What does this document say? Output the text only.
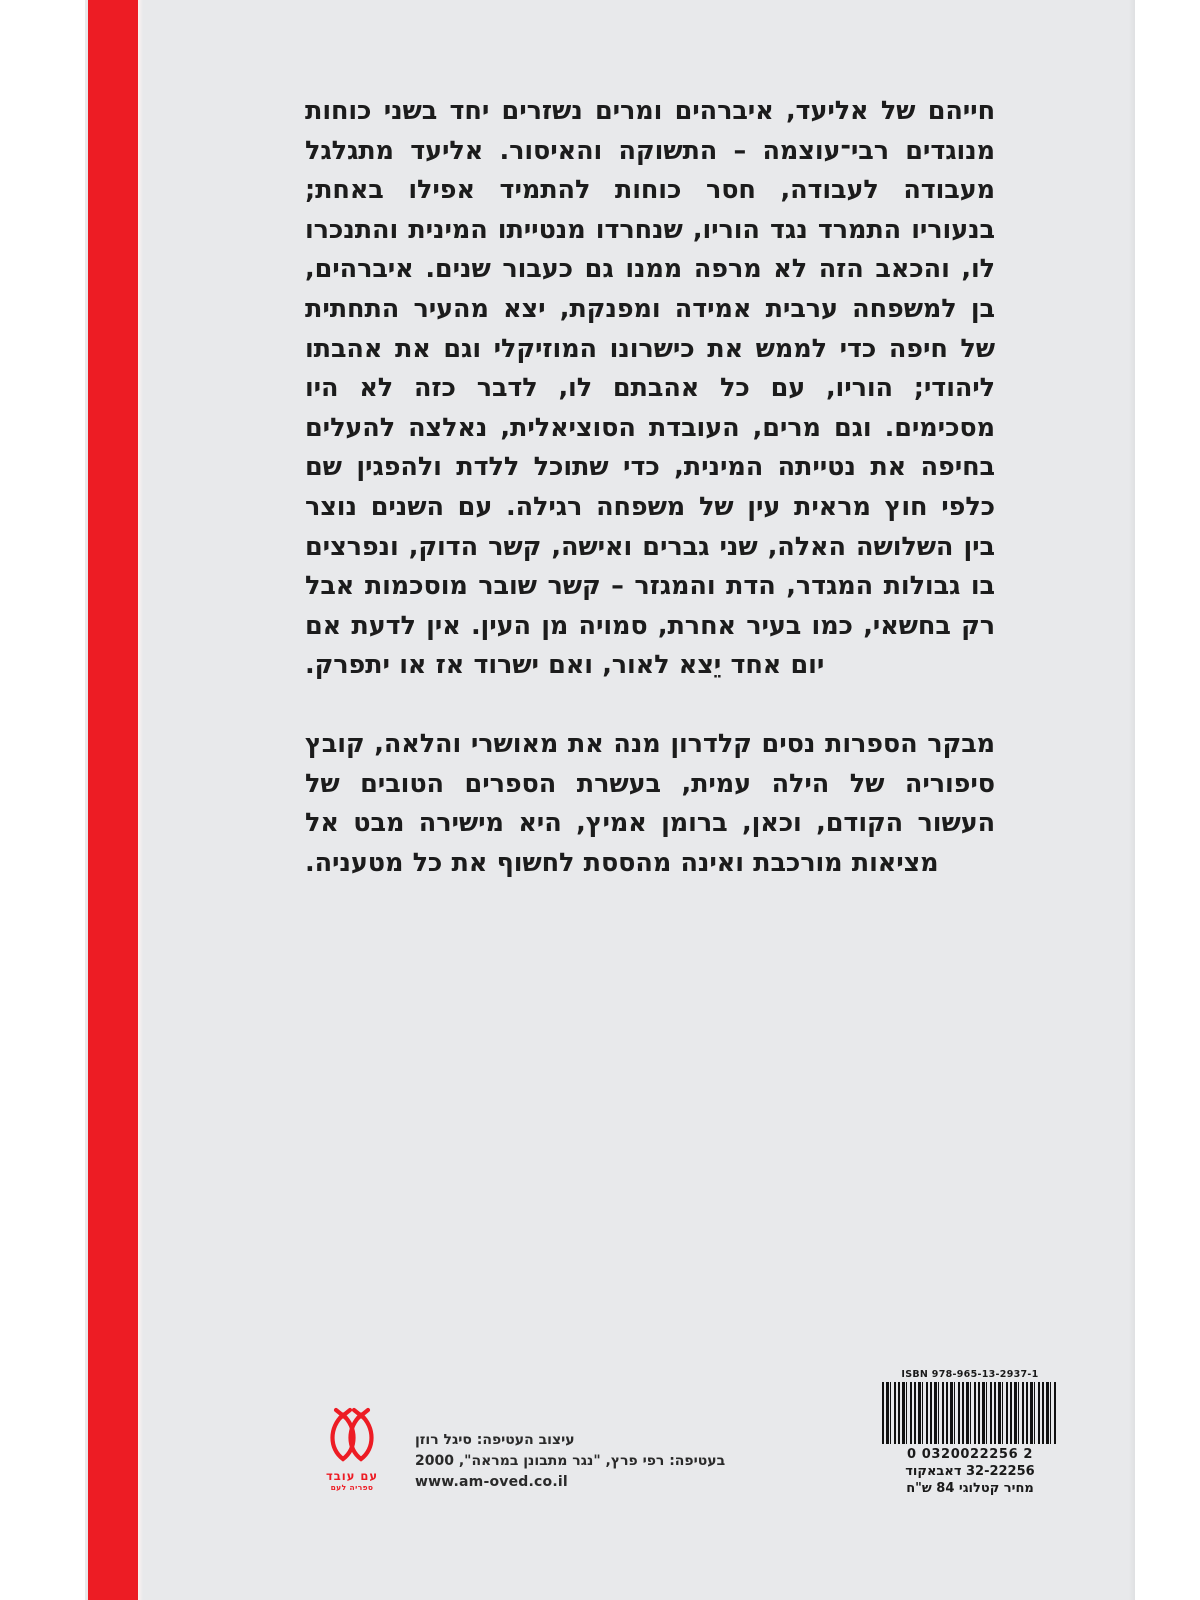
חייהם של אליעד, איברהים ומרים נשזרים יחד בשני כוחות מנוגדים רבי־עוצמה – התשוקה והאיסור. אליעד מתגלגל מעבודה לעבודה, חסר כוחות להתמיד אפילו באחת; בנעוריו התמרד נגד הוריו, שנחרדו מנטייתו המינית והתנכרו לו, והכאב הזה לא מרפה ממנו גם כעבור שנים. איברהים, בן למשפחה ערבית אמידה ומפנקת, יצא מהעיר התחתית של חיפה כדי לממש את כישרונו המוזיקלי וגם את אהבתו ליהודי; הוריו, עם כל אהבתם לו, לדבר כזה לא היו מסכימים. וגם מרים, העובדת הסוציאלית, נאלצה להעלים בחיפה את נטייתה המינית, כדי שתוכל ללדת ולהפגין שם כלפי חוץ מראית עין של משפחה רגילה. עם השנים נוצר בין השלושה האלה, שני גברים ואישה, קשר הדוק, ונפרצים בו גבולות המגדר, הדת והמגזר – קשר שובר מוסכמות אבל רק בחשאי, כמו בעיר אחרת, סמויה מן העין. אין לדעת אם יום אחד יֵצא לאור, ואם ישרוד אז או יתפרק.

מבקר הספרות נסים קלדרון מנה את מאושרי והלאה, קובץ סיפוריה של הילה עמית, בעשרת הספרים הטובים של העשור הקודם, וכאן, ברומן אמיץ, היא מישירה מבט אל מציאות מורכבת ואינה מהססת לחשוף את כל מטעניה.

עם עובד
ספריה לעם
עיצוב העטיפה: סיגל רוזן
בעטיפה: רפי פרץ, "נגר מתבונן במראה", 2000
www.am-oved.co.il
ISBN 978-965-13-2937-1
0 0320022256 2
32-22256 דאבאקוד
מחיר קטלוגי 84 ש"ח
